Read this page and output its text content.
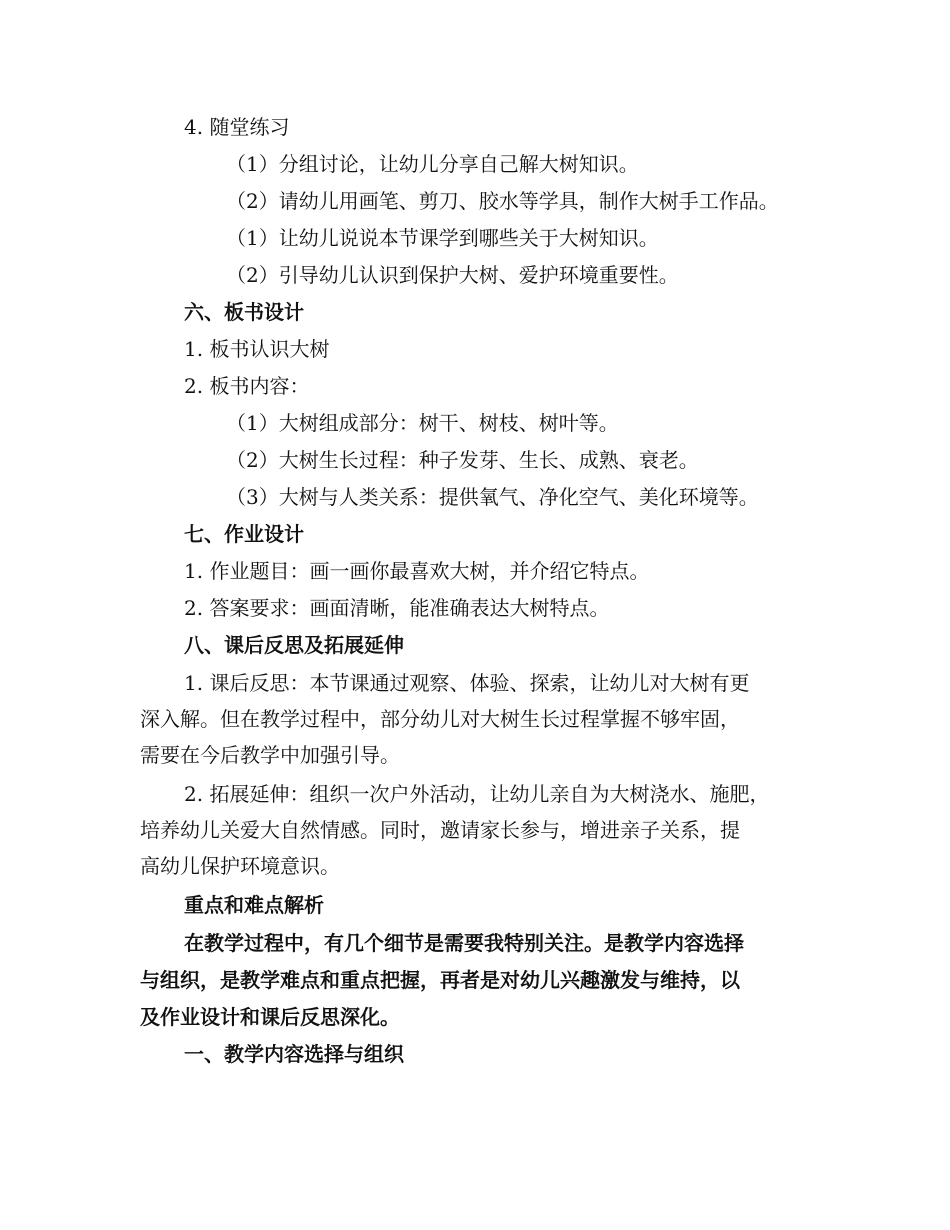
4. 随堂练习
（1）分组讨论，让幼儿分享自己解大树知识。
（2）请幼儿用画笔、剪刀、胶水等学具，制作大树手工作品。
（1）让幼儿说说本节课学到哪些关于大树知识。
（2）引导幼儿认识到保护大树、爱护环境重要性。
六、板书设计
1. 板书认识大树
2. 板书内容：
（1）大树组成部分：树干、树枝、树叶等。
（2）大树生长过程：种子发芽、生长、成熟、衰老。
（3）大树与人类关系：提供氧气、净化空气、美化环境等。
七、作业设计
1. 作业题目：画一画你最喜欢大树，并介绍它特点。
2. 答案要求：画面清晰，能准确表达大树特点。
八、课后反思及拓展延伸
1. 课后反思：本节课通过观察、体验、探索，让幼儿对大树有更
深入解。但在教学过程中，部分幼儿对大树生长过程掌握不够牢固，
需要在今后教学中加强引导。
2. 拓展延伸：组织一次户外活动，让幼儿亲自为大树浇水、施肥，
培养幼儿关爱大自然情感。同时，邀请家长参与，增进亲子关系，提
高幼儿保护环境意识。
重点和难点解析
在教学过程中，有几个细节是需要我特别关注。是教学内容选择
与组织，是教学难点和重点把握，再者是对幼儿兴趣激发与维持，以
及作业设计和课后反思深化。
一、教学内容选择与组织
